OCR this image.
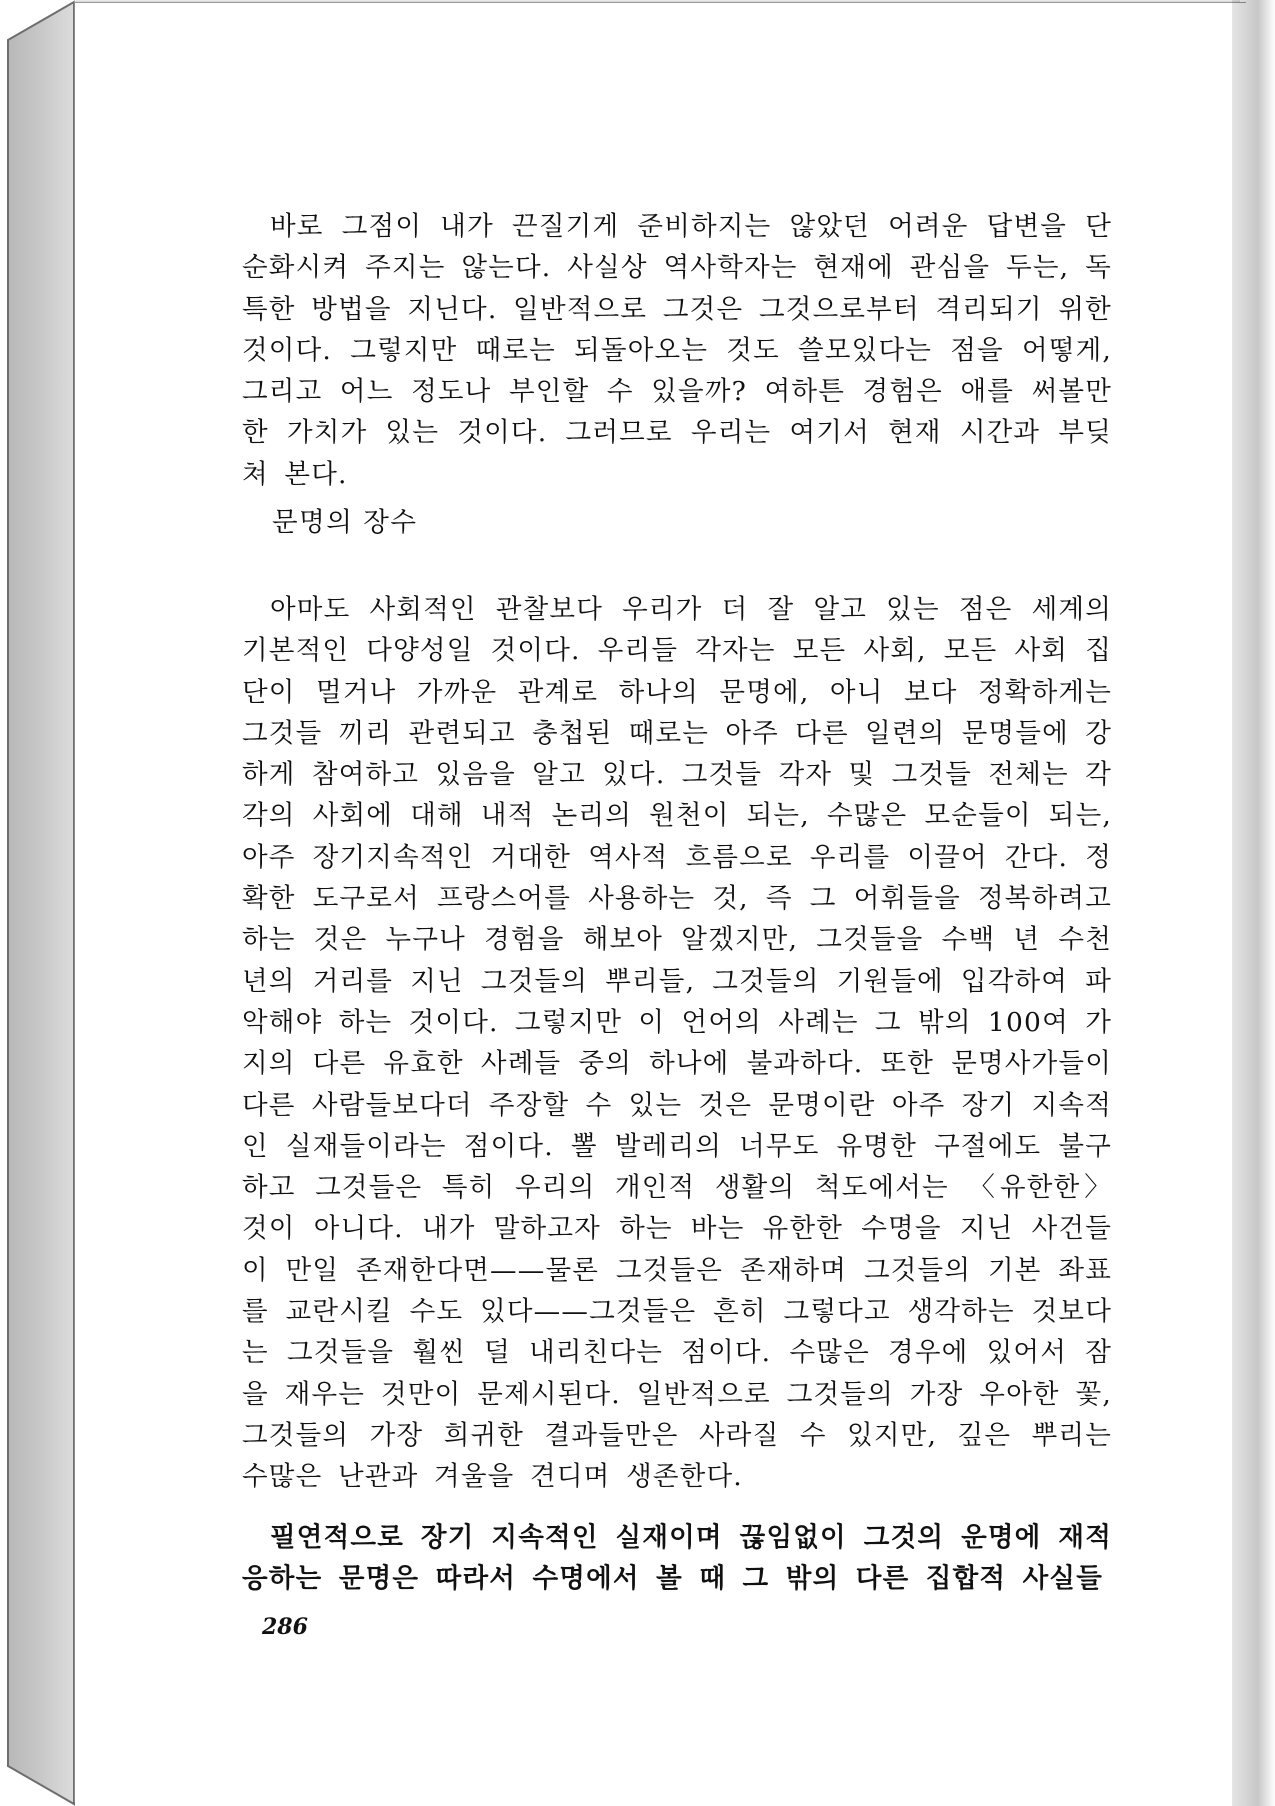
바로 그점이 내가 끈질기게 준비하지는 않았던 어려운 답변을 단순화시켜 주지는 않는다. 사실상 역사학자는 현재에 관심을 두는, 독특한 방법을 지닌다. 일반적으로 그것은 그것으로부터 격리되기 위한 것이다. 그렇지만 때로는 되돌아오는 것도 쓸모있다는 점을 어떻게, 그리고 어느 정도나 부인할 수 있을까? 여하튼 경험은 애를 써볼만한 가치가 있는 것이다. 그러므로 우리는 여기서 현재 시간과 부딪쳐 본다.

아마도 사회적인 관찰보다 우리가 더 잘 알고 있는 점은 세계의 기본적인 다양성일 것이다. 우리들 각자는 모든 사회, 모든 사회 집단이 멀거나 가까운 관계로 하나의 문명에, 아니 보다 정확하게는 그것들 끼리 관련되고 충첩된 때로는 아주 다른 일련의 문명들에 강하게 참여하고 있음을 알고 있다. 그것들 각자 및 그것들 전체는 각각의 사회에 대해 내적 논리의 원천이 되는, 수많은 모순들이 되는, 아주 장기지속적인 거대한 역사적 흐름으로 우리를 이끌어 간다. 정확한 도구로서 프랑스어를 사용하는 것, 즉 그 어휘들을 정복하려고 하는 것은 누구나 경험을 해보아 알겠지만, 그것들을 수백 년 수천 년의 거리를 지닌 그것들의 뿌리들, 그것들의 기원들에 입각하여 파악해야 하는 것이다. 그렇지만 이 언어의 사례는 그 밖의 100여 가지의 다른 유효한 사례들 중의 하나에 불과하다. 또한 문명사가들이 다른 사람들보다더 주장할 수 있는 것은 문명이란 아주 장기 지속적인 실재들이라는 점이다. 뽈 발레리의 너무도 유명한 구절에도 불구하고 그것들은 특히 우리의 개인적 생활의 척도에서는 〈유한한〉 것이 아니다. 내가 말하고자 하는 바는 유한한 수명을 지닌 사건들이 만일 존재한다면——물론 그것들은 존재하며 그것들의 기본 좌표를 교란시킬 수도 있다——그것들은 흔히 그렇다고 생각하는 것보다는 그것들을 훨씬 덜 내리친다는 점이다. 수많은 경우에 있어서 잠을 재우는 것만이 문제시된다. 일반적으로 그것들의 가장 우아한 꽃, 그것들의 가장 희귀한 결과들만은 사라질 수 있지만, 깊은 뿌리는 수많은 난관과 겨울을 견디며 생존한다.

필연적으로 장기 지속적인 실재이며 끊임없이 그것의 운명에 재적응하는 문명은 따라서 수명에서 볼 때 그 밖의 다른 집합적 사실들

문명의 장수

286
